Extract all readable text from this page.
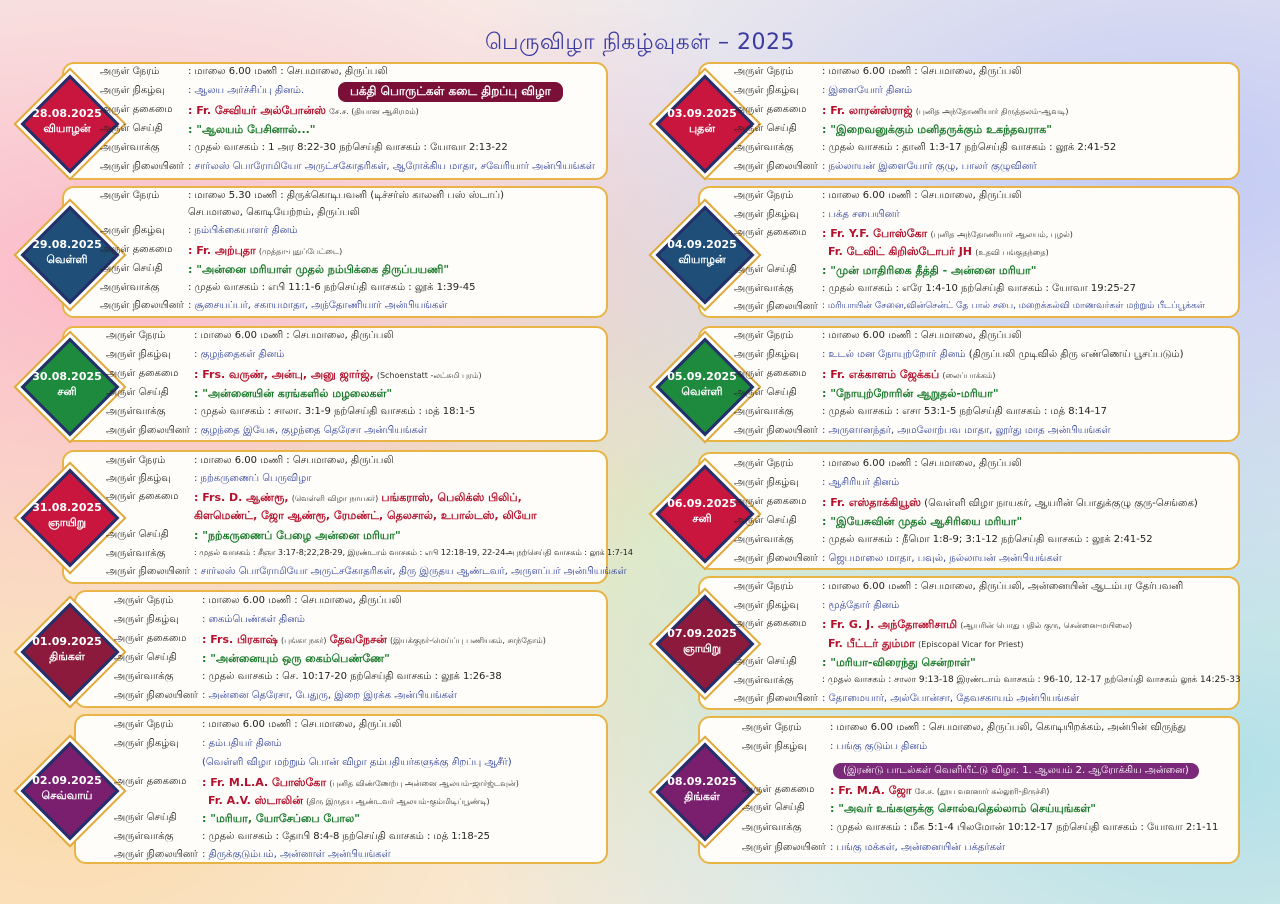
பெருவிழா நிகழ்வுகள் – 2025
28.08.2025
வியாழன்
அருள் நேரம்	: மாலை 6.00 மணி : செபமாலை, திருப்பலி
அருள் நிகழ்வு : ஆலய அர்ச்சிப்பு தினம்.
அருள் தகைமை : Fr. சேவியர் அல்போன்ஸ் சே.ச. (தியான ஆசிரமம்)
அருள் செய்தி : "ஆலயம் பேசினால்..."
அருள்வாக்கு	: முதல் வாசகம் : 1 அர 8:22-30 நற்செய்தி வாசகம் : யோவா 2:13-22
அருள் நிலையினர் : சார்லஸ் பொரோமியோ அருட்சகோதரிகள், ஆரோக்கிய மாதா, சவேரியார் அன்பியங்கள்
பக்தி பொருட்கள் கடை திறப்பு விழா
29.08.2025
வெள்ளி
அருள் நேரம்	: மாலை 5.30 மணி : திருக்கொடிபவனி (டிச்சர்ஸ் காலனி பஸ் ஸ்டாப்)
செபமாலை, கொடியேற்றம், திருப்பலி
அருள் நிகழ்வு : நம்பிக்கையாளர் தினம்
அருள் தகைமை : Fr. அற்புதா (முத்தா-புதுப்பேட்டை)
அருள் செய்தி : "அன்னை மரியாள் முதல் நம்பிக்கை திருப்பயணி"
அருள்வாக்கு	: முதல் வாசகம் : எபி 11:1-6 நற்செய்தி வாசகம் : லூக் 1:39-45
அருள் நிலையினர் : சூசையப்பர், சகாயமாதா, அந்தோணியார் அன்பியங்கள்
30.08.2025
சனி
அருள் நேரம்	: மாலை 6.00 மணி : செபமாலை, திருப்பலி
அருள் நிகழ்வு : குழந்தைகள் தினம்
அருள் தகைமை : Frs. வருண், அன்பு, அனு ஜார்ஜ், (Schoenstatt -லட்சுமி புரம்)
அருள் செய்தி : "அன்னையின் கரங்களில் மழலைகள்"
அருள்வாக்கு	: முதல் வாசகம் : சாலா. 3:1-9 நற்செய்தி வாசகம் : மத் 18:1-5
அருள் நிலையினர் : குழந்தை இயேசு, குழந்தை தெரேசா அன்பியங்கள்
31.08.2025
ஞாயிறு
அருள் நேரம்	: மாலை 6.00 மணி : செபமாலை, திருப்பலி
அருள் நிகழ்வு : நற்கருணைப் பெருவிழா
அருள் தகைமை : Frs. D. ஆண்ரூ, (வெள்ளி விழா நாயகர்) பங்கராஸ், பெலிக்ஸ் பிலிப்,
கிளமெண்ட், ஜோ ஆண்ரூ, ரேமண்ட், தெலசால், உபால்டஸ், லியோ
அருள் செய்தி : "நற்கருணைப் பேழை அன்னை மரியா"
அருள்வாக்கு	: முதல் வாசகம் : சீஞா 3:17-8;22,28-29, இரண்டாம் வாசகம் : எபி 12:18-19, 22-24அ நற்செய்தி வாசகம் : லூக் 1:7-14
அருள் நிலையினர் : சார்லஸ் பொரோமியோ அருட்சகோதரிகள், திரு இருதய ஆண்டவர், அருளப்பர் அன்பியங்கள்
01.09.2025
திங்கள்
அருள் நேரம்	: மாலை 6.00 மணி : செபமாலை, திருப்பலி
அருள் நிகழ்வு : கைம்பெண்கள் தினம்
அருள் தகைமை : Frs. பிரகாஷ் (புங்கா நகர்) தேவநேசன் (இயக்குநர்-மெய்ப்பு பணியகம், சாந்தோம்)
அருள் செய்தி : "அன்னையும் ஒரு கைம்பெண்ணே"
அருள்வாக்கு	: முதல் வாசகம் : செ. 10:17-20 நற்செய்தி வாசகம் : லூக் 1:26-38
அருள் நிலையினர் : அன்னை தெரேசா, பேதுரு, இறை இரக்க அன்பியங்கள்
02.09.2025
செவ்வாய்
அருள் நேரம்	: மாலை 6.00 மணி : செபமாலை, திருப்பலி
அருள் நிகழ்வு : தம்பதியர் தினம்
(வெள்ளி விழா மற்றும் பொன் விழா தம்பதியர்களுக்கு சிறப்பு ஆசீர்)
அருள் தகைமை : Fr. M.L.A. போஸ்கோ (புனித விண்ணேற்பு அன்னை ஆலயம்-ஜார்ஜ்டவுன்)
Fr. A.V. ஸ்டாலின் (திரு இருதய ஆண்டவர் ஆலயம்-கும்மிடிப்பூண்டி)
அருள் செய்தி : "மரியா, யோசேப்பை போல"
அருள்வாக்கு	: முதல் வாசகம் : தோபி 8:4-8 நற்செய்தி வாசகம் : மத் 1:18-25
அருள் நிலையினர் : திருக்குடும்பம், அன்னாள் அன்பியங்கள்
03.09.2025
புதன்
அருள் நேரம்	: மாலை 6.00 மணி : செபமாலை, திருப்பலி
அருள் நிகழ்வு : இளையோர் தினம்
அருள் தகைமை : Fr. லாரன்ஸ்ராஜ் (புனித அந்தோணியார் திருத்தலம்-ஆவடி)
அருள் செய்தி : "இறைவனுக்கும் மனிதருக்கும் உகந்தவராக"
அருள்வாக்கு	: முதல் வாசகம் : தானி 1:3-17 நற்செய்தி வாசகம் : லூக் 2:41-52
அருள் நிலையினர் : நல்லாயன் இளையோர் குழு, பாலர் குழுவினர்
04.09.2025
வியாழன்
அருள் நேரம்	: மாலை 6.00 மணி : செபமாலை, திருப்பலி
அருள் நிகழ்வு : பக்த சபையினர்
அருள் தகைமை : Fr. Y.F. போஸ்கோ (புனித அந்தோணியார் ஆலயம், புழல்)
Fr. டேவிட் கிறிஸ்டோபர் JH (உதவி பங்குதந்தை)
அருள் செய்தி : "முன் மாதிரிகை தீத்தி - அன்னை மரியா"
அருள்வாக்கு	: முதல் வாசகம் : எரே 1:4-10 நற்செய்தி வாசகம் : யோவா 19:25-27
அருள் நிலையினர் : மரியாயின் சேனை,வின்சென்ட் தே பால் சபை, மறைக்கல்வி மாணவர்கள் மற்றும் பீடப்பூக்கள்
05.09.2025
வெள்ளி
அருள் நேரம்	: மாலை 6.00 மணி : செபமாலை, திருப்பலி
அருள் நிகழ்வு : உடல் மன நோயுற்றோர் தினம் (திருப்பலி முடிவில் திரு எண்ணெய் பூசப்படும்)
அருள் தகைமை : Fr. எக்காளம் ஜேக்கப் (லைப்பாக்கம்)
அருள் செய்தி : "நோயுற்றோரின் ஆறுதல்-மரியா"
அருள்வாக்கு	: முதல் வாசகம் : எசா 53:1-5 நற்செய்தி வாசகம் : மத் 8:14-17
அருள் நிலையினர் : அருளானந்தர், அமலோற்பவ மாதா, லூர்து மாத அன்பியங்கள்
06.09.2025
சனி
அருள் நேரம்	: மாலை 6.00 மணி : செபமாலை, திருப்பலி
அருள் நிகழ்வு : ஆசிரியர் தினம்
அருள் தகைமை : Fr. எஸ்தாக்கியூஸ் (வெள்ளி விழா நாயகர், ஆயரின் பொதுக்குழு குரு-செங்கை)
அருள் செய்தி : "இயேசுவின் முதல் ஆசிரியை மரியா"
அருள்வாக்கு	: முதல் வாசகம் : நீமொ 1:8-9; 3:1-12 நற்செய்தி வாசகம் : லூக் 2:41-52
அருள் நிலையினர் : ஜெபமாலை மாதா, பவுல், நல்லாயன் அன்பியங்கள்
07.09.2025
ஞாயிறு
அருள் நேரம்	: மாலை 6.00 மணி : செபமாலை, திருப்பலி, அன்னையின் ஆடம்பர தேர்பவனி
அருள் நிகழ்வு : மூத்தோர் தினம்
அருள் தகைமை : Fr. G. J. அந்தோணிசாமி (ஆயரின் பொது பதில் குரு, சென்னை-மயிலை)
Fr. பீட்டர் தும்மா (Episcopal Vicar for Priest)
அருள் செய்தி : "மரியா-விரைந்து சென்றாள்"
அருள்வாக்கு	: முதல் வாசகம் : சாலா 9:13-18 இரண்டாம் வாசகம் : 96-10, 12-17 நற்செய்தி வாசகம் லூக் 14:25-33
அருள் நிலையினர் : தோமையார், அல்போன்சா, தேவசகாயம் அன்பியங்கள்
08.09.2025
திங்கள்
அருள் நேரம்	: மாலை 6.00 மணி : செபமாலை, திருப்பலி, கொடியிறக்கம், அன்பின் விருந்து
அருள் நிகழ்வு : பங்கு குடும்ப தினம்
அருள் தகைமை : Fr. M.A. ஜோ சே.ச. (தூய வளனார் கல்லூரி-திருச்சி)
அருள் செய்தி : "அவர் உங்களுக்கு சொல்வதெல்லாம் செய்யுங்கள்"
அருள்வாக்கு	: முதல் வாசகம் : மீக 5:1-4 பிலமோன் 10:12-17 நற்செய்தி வாசகம் : யோவா 2:1-11
அருள் நிலையினர் : பங்கு மக்கள், அன்னையின் பக்தர்கள்
(இரண்டு பாடல்கள் வெளியீட்டு விழா. 1. ஆலயம் 2. ஆரோக்கிய அன்னை)
